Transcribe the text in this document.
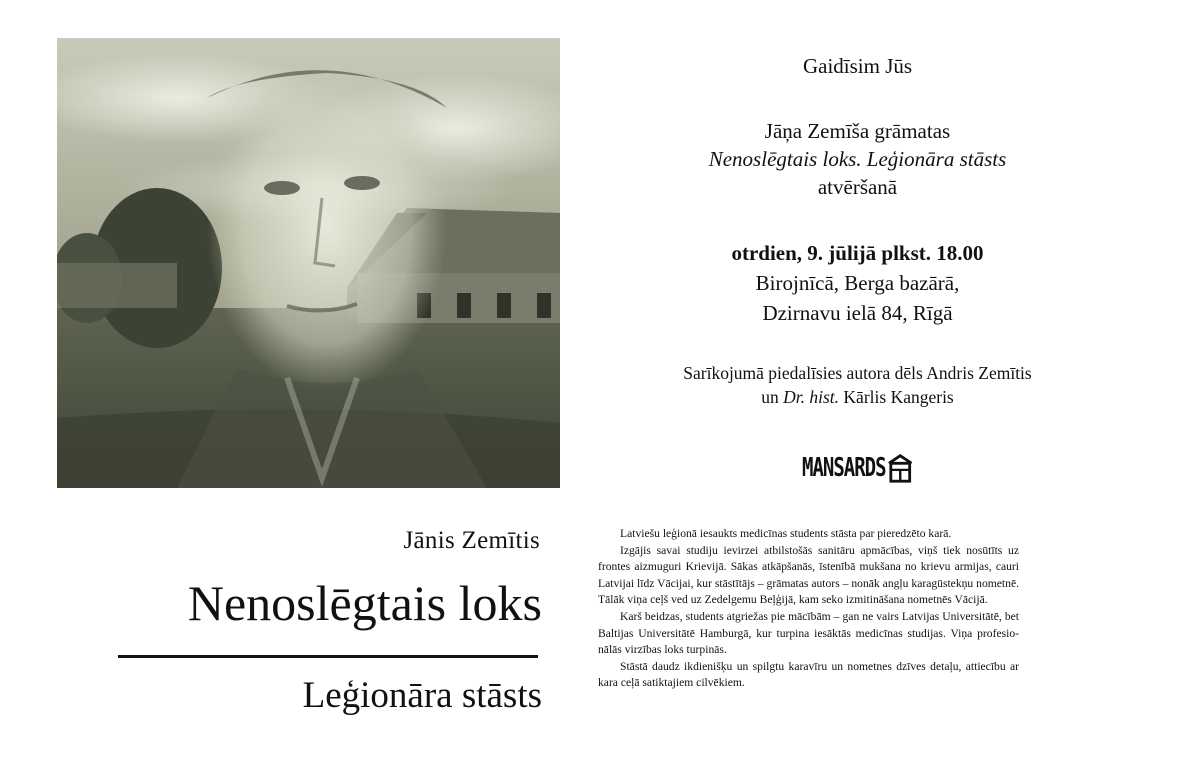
Jānis Zemītis
Nenoslēgtais loks
Leģionāra stāsts
Gaidīsim Jūs
Jāņa Zemīša grāmatas
Nenoslēgtais loks. Leģionāra stāsts
atvēršanā
otrdien, 9. jūlijā plkst. 18.00
Birojnīcā, Berga bazārā,
Dzirnavu ielā 84, Rīgā
Sarīkojumā piedalīsies autora dēls Andris Zemītis
un Dr. hist. Kārlis Kangeris
MANSARDS

Latviešu leģionā iesaukts medicīnas students stāsta par pieredzēto karā.

Izgājis savai studiju ievirzei atbilstošās sanitāru apmācības, viņš tiek nosūtīts uz frontes aizmuguri Krievijā. Sākas atkāpšanās, īstenībā mukšana no krievu armijas, cauri Latvijai līdz Vācijai, kur stāstītājs – grāmatas autors – nonāk angļu karagūstekņu nometnē. Tālāk viņa ceļš ved uz Zedelgemu Beļģijā, kam seko izmitināšana nometnēs Vācijā.

Karš beidzas, students atgriežas pie mācībām – gan ne vairs Latvijas Universitātē, bet Baltijas Universitātē Hamburgā, kur turpina iesāktās medicīnas studijas. Viņa profesio-nālās virzības loks turpinās.

Stāstā daudz ikdienišķu un spilgtu karavīru un nometnes dzīves detaļu, attiecību ar kara ceļā satiktajiem cilvēkiem.
